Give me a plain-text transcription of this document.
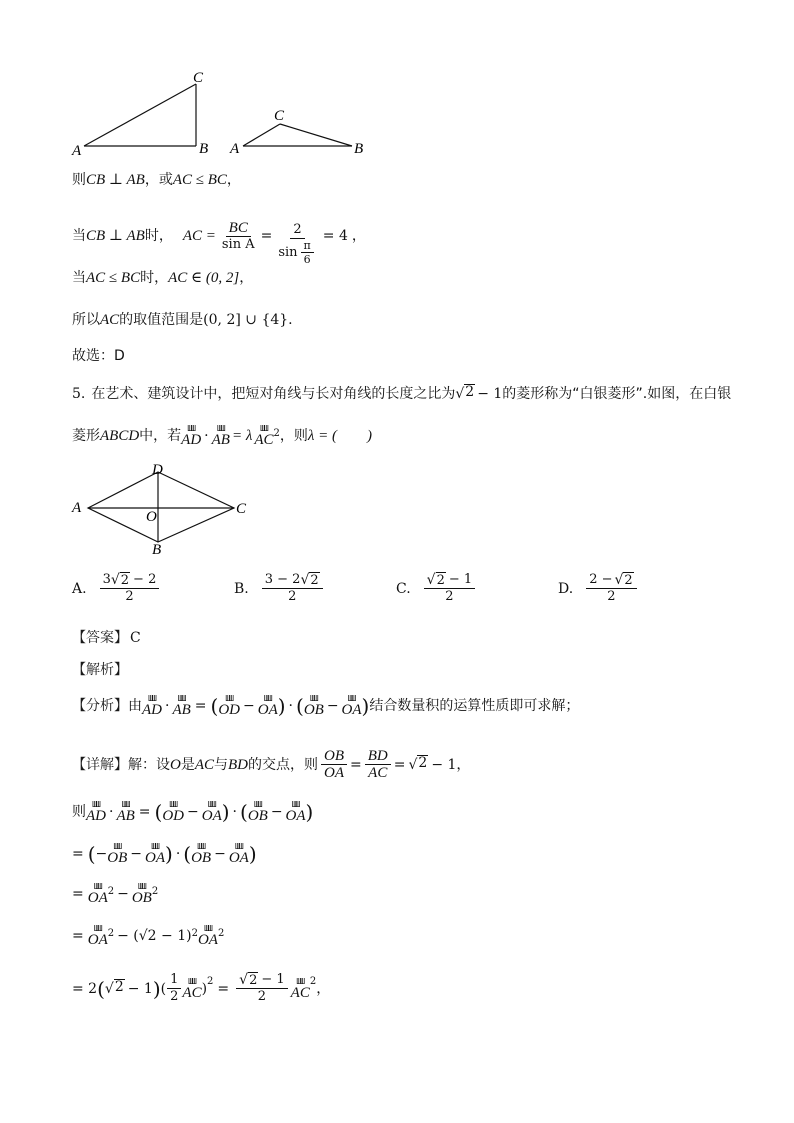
A	B
C
A	B
C
则 CB ⊥ AB ，或 AC ≤ BC ，
当 CB ⊥ AB 时， AC = $\frac{BC}{\text{sin A}} = \frac{2}{\sin \frac{\pi}{6}} = 4$ ，
当 AC ≤ BC 时， AC ∈ (0, 2] ，
所以 AC 的取值范围是 (0, 2] ∪ {4} .
故选：D
5. 在艺术、建筑设计中，把短对角线与长对角线的长度之比为 √ 2 − 1 的菱形称为“白银菱形”.如图，在白银
菱形 ABCD 中，若 ШШ
AD · ШШ
AB = λ ШШ
AC 2 ，则 λ = (　　)
A	C
D
B
O
A. $\frac{3 √ 2 - 2}{2}$	B. $\frac{3 - 2 √ 2}{2}$	C. $\frac{√ 2 - 1}{2}$	D. $\frac{2 - √ 2}{2}$
【答案】 C
【解析】
【分析】 由 ШШ
AD · ШШ
AB = ( ШШ
OD − ШШ
OA ) · ( ШШ
OB − ШШ
OA ) 结合数量积的运算性质即可求解；
【详解】 解：设 O 是 AC 与 BD 的交点，则 $\frac{OB}{OA} = \frac{BD}{AC}$ = √ 2 − 1 ，
则 ШШ
AD · ШШ
AB = ( ШШ
OD − ШШ
OA ) · ( ШШ
OB − ШШ
OA )
= ( − ШШ
OB − ШШ
OA ) · ( ШШ
OB − ШШ
OA )
= ШШ
OA 2 − ШШ
OB 2
= ШШ
OA 2 − (√2 − 1) 2 ШШ
OA 2
= 2 ( √ 2 − 1 ) ( $\frac{1}{2}$ ШШ
AC )$^2 = \frac{√ 2 - 1}{2}$ ШШ
AC
$^2$ ，
